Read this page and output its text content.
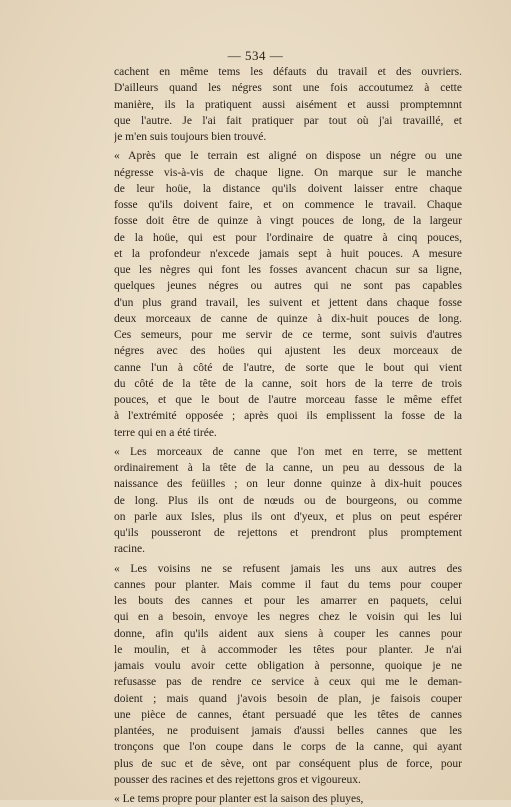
— 534 —
cachent en même tems les défauts du travail et des ouvriers.
D'ailleurs quand les négres sont une fois accoutumez à cette
manière, ils la pratiquent aussi aisément et aussi promptemnnt
que l'autre. Je l'ai fait pratiquer par tout où j'ai travaillé, et
je m'en suis toujours bien trouvé.
« Après que le terrain est aligné on dispose un négre ou une
négresse vis-à-vis de chaque ligne. On marque sur le manche
de leur hoüe, la distance qu'ils doivent laisser entre chaque
fosse qu'ils doivent faire, et on commence le travail. Chaque
fosse doit être de quinze à vingt pouces de long, de la largeur
de la hoüe, qui est pour l'ordinaire de quatre à cinq pouces,
et la profondeur n'excede jamais sept à huit pouces. A mesure
que les nègres qui font les fosses avancent chacun sur sa ligne,
quelques jeunes négres ou autres qui ne sont pas capables
d'un plus grand travail, les suivent et jettent dans chaque fosse
deux morceaux de canne de quinze à dix-huit pouces de long.
Ces semeurs, pour me servir de ce terme, sont suivis d'autres
négres avec des hoües qui ajustent les deux morceaux de
canne l'un à côté de l'autre, de sorte que le bout qui vient
du côté de la tête de la canne, soit hors de la terre de trois
pouces, et que le bout de l'autre morceau fasse le même effet
à l'extrémité opposée ; après quoi ils emplissent la fosse de la
terre qui en a été tirée.
« Les morceaux de canne que l'on met en terre, se mettent
ordinairement à la tête de la canne, un peu au dessous de la
naissance des feüilles ; on leur donne quinze à dix-huit pouces
de long. Plus ils ont de nœuds ou de bourgeons, ou comme
on parle aux Isles, plus ils ont d'yeux, et plus on peut espérer
qu'ils pousseront de rejettons et prendront plus promptement
racine.
« Les voisins ne se refusent jamais les uns aux autres des
cannes pour planter. Mais comme il faut du tems pour couper
les bouts des cannes et pour les amarrer en paquets, celui
qui en a besoin, envoye les negres chez le voisin qui les lui
donne, afin qu'ils aident aux siens à couper les cannes pour
le moulin, et à accommoder les têtes pour planter. Je n'ai
jamais voulu avoir cette obligation à personne, quoique je ne
refusasse pas de rendre ce service à ceux qui me le deman-
doient ; mais quand j'avois besoin de plan, je faisois couper
une pièce de cannes, étant persuadé que les têtes de cannes
plantées, ne produisent jamais d'aussi belles cannes que les
tronçons que l'on coupe dans le corps de la canne, qui ayant
plus de suc et de sève, ont par conséquent plus de force, pour
pousser des racines et des rejettons gros et vigoureux.
« Le tems propre pour planter est la saison des pluyes,
